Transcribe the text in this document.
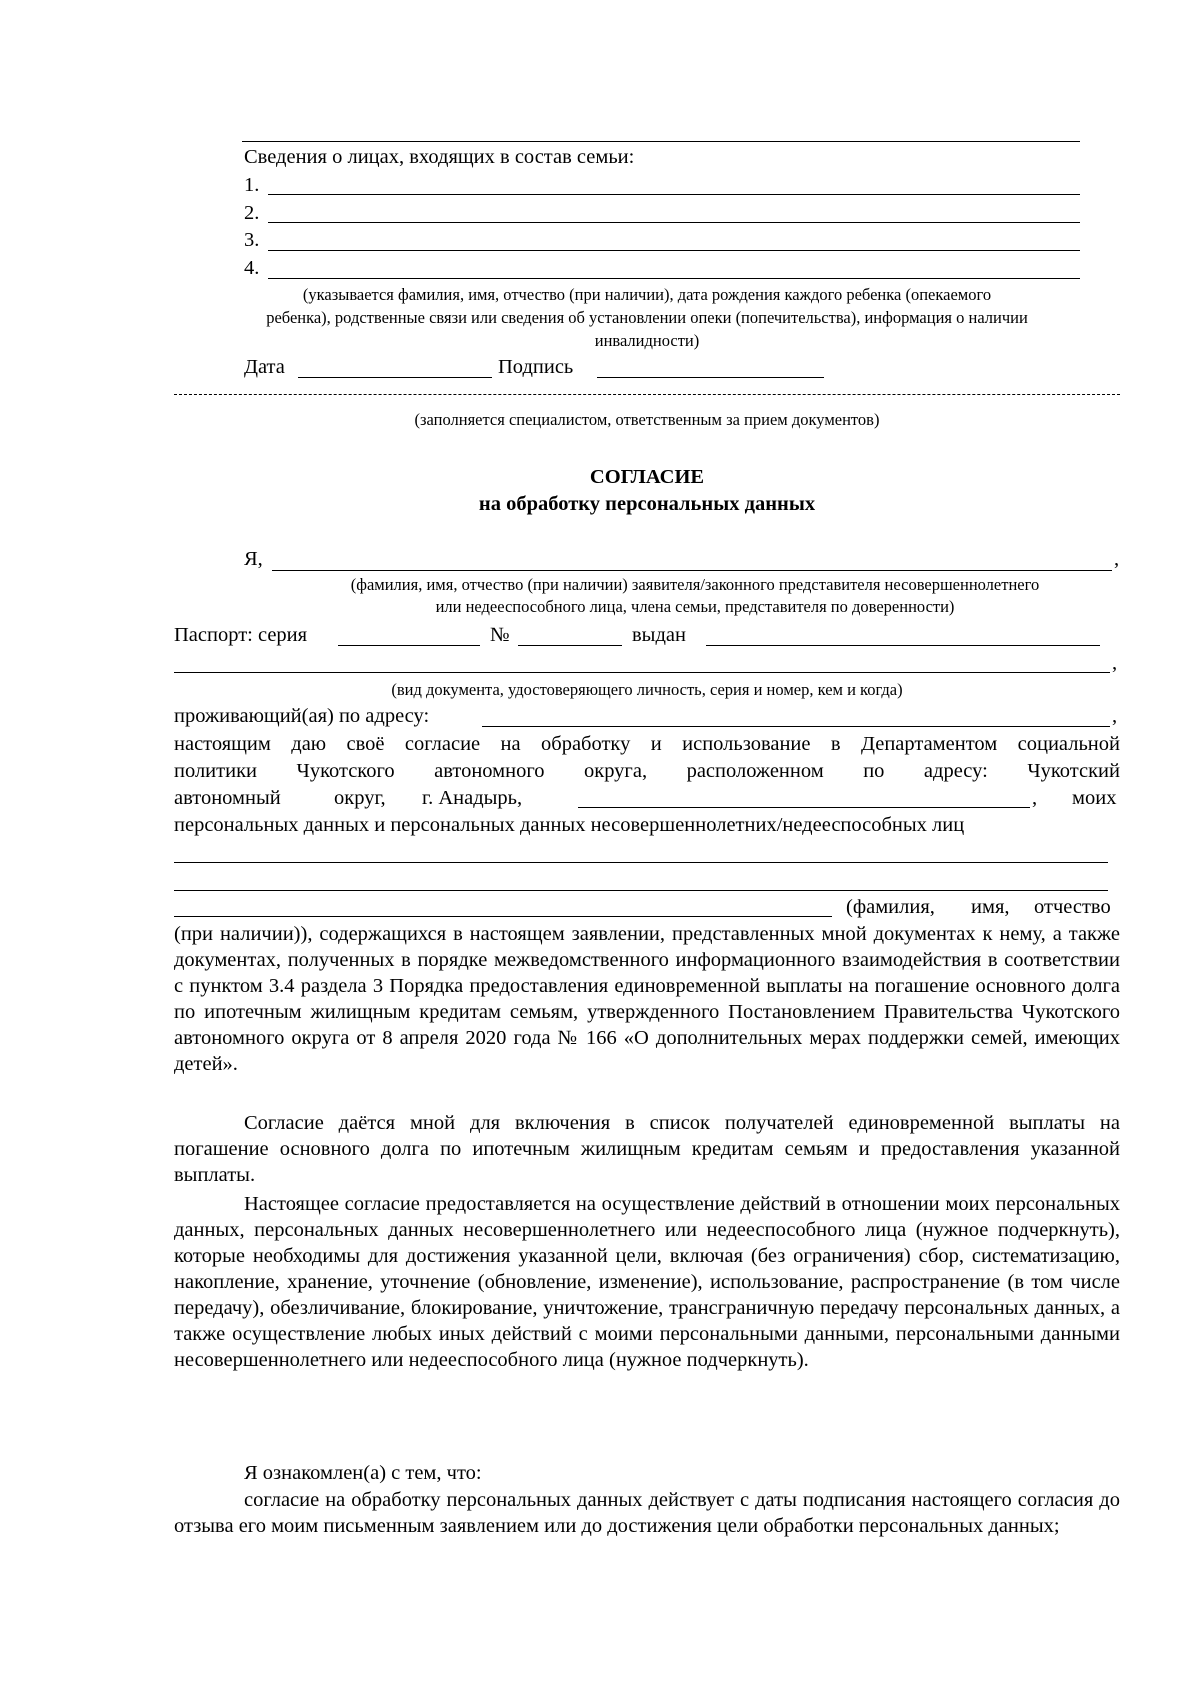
Сведения о лицах, входящих в состав семьи:
1.
2.
3.
4.
(указывается фамилия, имя, отчество (при наличии), дата рождения каждого ребенка (опекаемого
ребенка), родственные связи или сведения об установлении опеки (попечительства), информация о наличии
инвалидности)
Дата	Подпись
(заполняется специалистом, ответственным за прием документов)
СОГЛАСИЕ
на обработку персональных данных
Я,	,
(фамилия, имя, отчество (при наличии) заявителя/законного представителя несовершеннолетнего
или недееспособного лица, члена семьи, представителя по доверенности)
Паспорт: серия	№	выдан
,
(вид документа, удостоверяющего личность, серия и номер, кем и когда)
проживающий(ая) по адресу:	,
настоящим даю своё согласие на обработку и использование в Департаментом социальной
политики Чукотского автономного округа, расположенном по адресу: Чукотский
автономный	округ, г. Анадырь,	, моих
персональных данных и персональных данных несовершеннолетних/недееспособных лиц
(фамилия, имя, отчество
(при наличии)), содержащихся в настоящем заявлении, представленных мной документах к нему, а также документах, полученных в порядке межведомственного информационного взаимодействия в соответствии с пунктом 3.4 раздела 3 Порядка предоставления единовременной выплаты на погашение основного долга по ипотечным жилищным кредитам семьям, утвержденного Постановлением Правительства Чукотского автономного округа от 8 апреля 2020 года № 166 «О дополнительных мерах поддержки семей, имеющих детей».
Согласие даётся мной для включения в список получателей единовременной выплаты на погашение основного долга по ипотечным жилищным кредитам семьям и предоставления указанной выплаты.
Настоящее согласие предоставляется на осуществление действий в отношении моих персональных данных, персональных данных несовершеннолетнего или недееспособного лица (нужное подчеркнуть), которые необходимы для достижения указанной цели, включая (без ограничения) сбор, систематизацию, накопление, хранение, уточнение (обновление, изменение), использование, распространение (в том числе передачу), обезличивание, блокирование, уничтожение, трансграничную передачу персональных данных, а также осуществление любых иных действий с моими персональными данными, персональными данными несовершеннолетнего или недееспособного лица (нужное подчеркнуть).
Я ознакомлен(а) с тем, что:
согласие на обработку персональных данных действует с даты подписания настоящего согласия до отзыва его моим письменным заявлением или до достижения цели обработки персональных данных;
